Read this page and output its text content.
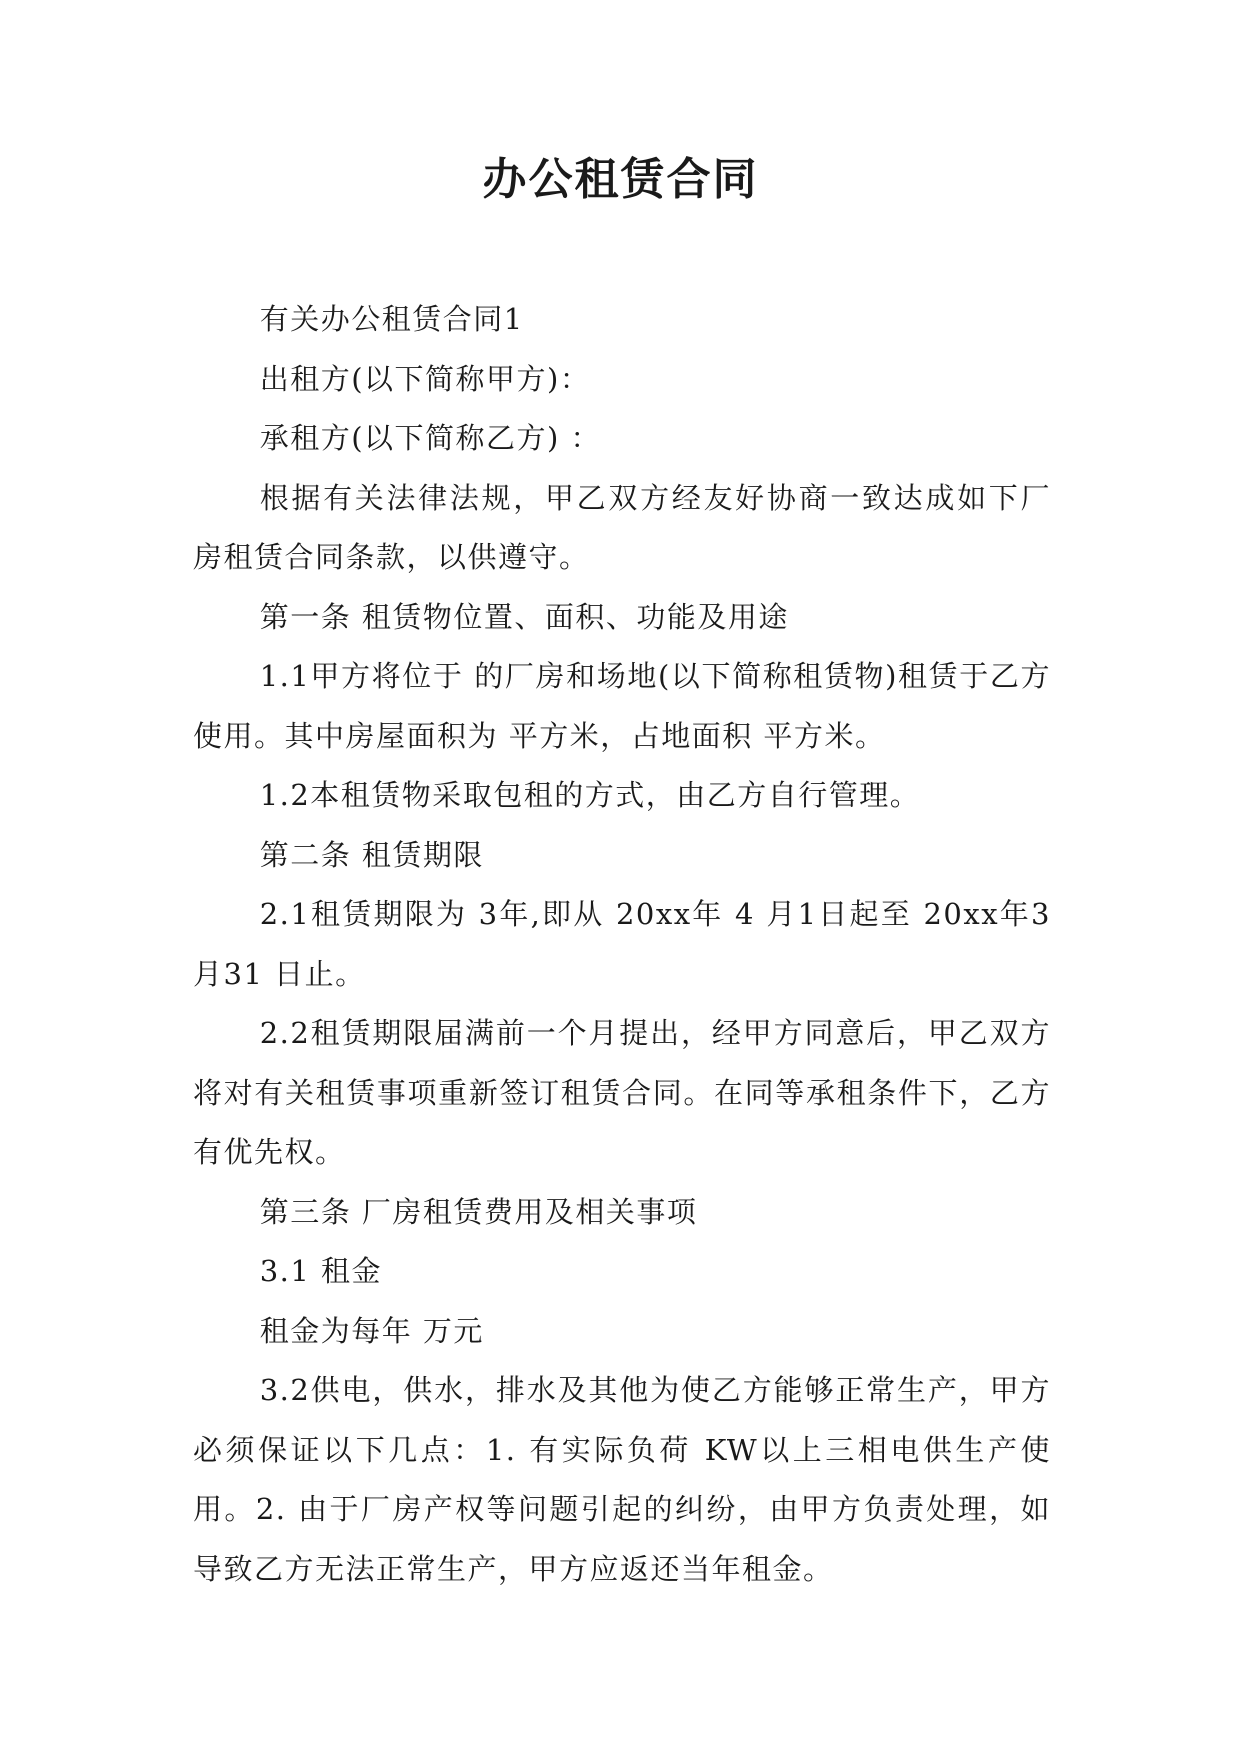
办公租赁合同

有关办公租赁合同1

出租方(以下简称甲方)：

承租方(以下简称乙方) ：

根据有关法律法规，甲乙双方经友好协商一致达成如下厂房租赁合同条款，以供遵守。

第一条 租赁物位置、面积、功能及用途

1.1甲方将位于 的厂房和场地(以下简称租赁物)租赁于乙方使用。其中房屋面积为 平方米，占地面积 平方米。

1.2本租赁物采取包租的方式，由乙方自行管理。

第二条 租赁期限

2.1租赁期限为 3年,即从 20xx年 4 月1日起至 20xx年3月31 日止。

2.2租赁期限届满前一个月提出，经甲方同意后，甲乙双方将对有关租赁事项重新签订租赁合同。在同等承租条件下，乙方有优先权。

第三条 厂房租赁费用及相关事项

3.1 租金

租金为每年 万元

3.2供电，供水，排水及其他为使乙方能够正常生产，甲方必须保证以下几点：1. 有实际负荷 KW以上三相电供生产使用。2. 由于厂房产权等问题引起的纠纷，由甲方负责处理，如导致乙方无法正常生产，甲方应返还当年租金。
